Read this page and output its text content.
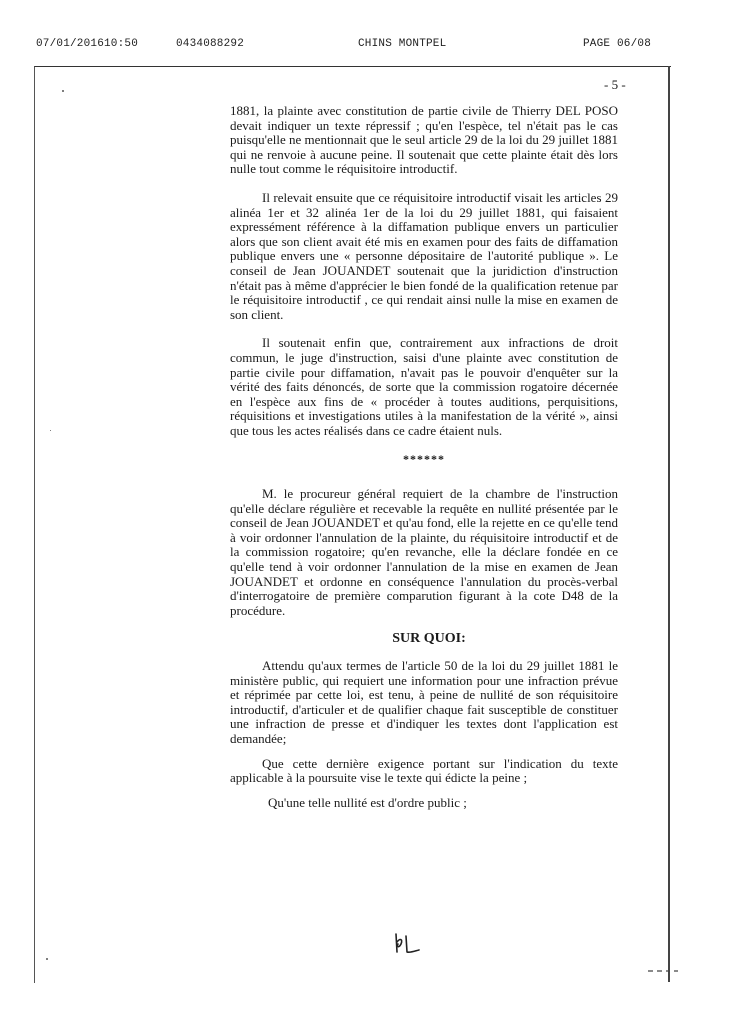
07/01/2016 10:50	0434088292	CHINS MONTPEL	PAGE 06/08
- 5 -

1881, la plainte avec constitution de partie civile de Thierry DEL POSO devait indiquer un texte répressif ; qu'en l'espèce, tel n'était pas le cas puisqu'elle ne mentionnait que le seul article 29 de la loi du 29 juillet 1881 qui ne renvoie à aucune peine. Il soutenait que cette plainte était dès lors nulle tout comme le réquisitoire introductif.

Il relevait ensuite que ce réquisitoire introductif visait les articles 29 alinéa 1er et 32 alinéa 1er de la loi du 29 juillet 1881, qui faisaient expressément référence à la diffamation publique envers un particulier alors que son client avait été mis en examen pour des faits de diffamation publique envers une « personne dépositaire de l'autorité publique ». Le conseil de Jean JOUANDET soutenait que la juridiction d'instruction n'était pas à même d'apprécier le bien fondé de la qualification retenue par le réquisitoire introductif , ce qui rendait ainsi nulle la mise en examen de son client.

Il soutenait enfin que, contrairement aux infractions de droit commun, le juge d'instruction, saisi d'une plainte avec constitution de partie civile pour diffamation, n'avait pas le pouvoir d'enquêter sur la vérité des faits dénoncés, de sorte que la commission rogatoire décernée en l'espèce aux fins de « procéder à toutes auditions, perquisitions, réquisitions et investigations utiles à la manifestation de la vérité », ainsi que tous les actes réalisés dans ce cadre étaient nuls.

******

M. le procureur général requiert de la chambre de l'instruction qu'elle déclare régulière et recevable la requête en nullité présentée par le conseil de Jean JOUANDET et qu'au fond, elle la rejette en ce qu'elle tend à voir ordonner l'annulation de la plainte, du réquisitoire introductif et de la commission rogatoire; qu'en revanche, elle la déclare fondée en ce qu'elle tend à voir ordonner l'annulation de la mise en examen de Jean JOUANDET et ordonne en conséquence l'annulation du procès-verbal d'interrogatoire de première comparution figurant à la cote D48 de la procédure.

SUR QUOI:

Attendu qu'aux termes de l'article 50 de la loi du 29 juillet 1881 le ministère public, qui requiert une information pour une infraction prévue et réprimée par cette loi, est tenu, à peine de nullité de son réquisitoire introductif, d'articuler et de qualifier chaque fait susceptible de constituer une infraction de presse et d'indiquer les textes dont l'application est demandée;

Que cette dernière exigence portant sur l'indication du texte applicable à la poursuite vise le texte qui édicte la peine ;

Qu'une telle nullité est d'ordre public ;
